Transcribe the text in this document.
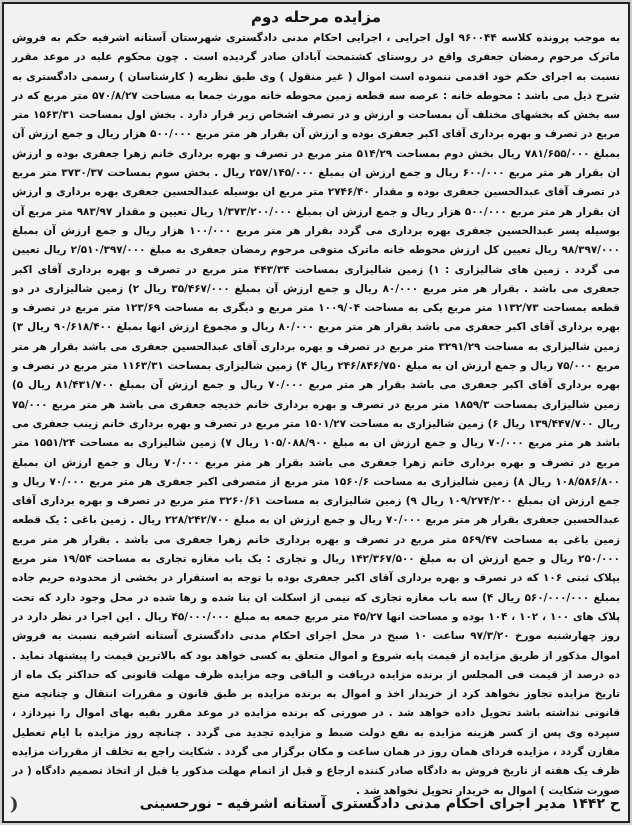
مزایده مرحله دوم
به موجب پرونده کلاسه ۹۶۰۰۴۴ اول اجرایی ، اجرایی احکام مدنی دادگستری شهرستان آستانه اشرفیه حکم به فروش ماترک مرحوم رمضان جعفری واقع در روستای کشتمحت آبادان صادر گردیده است . چون محکوم علیه در موعد مقرر نسبت به اجرای حکم خود اقدمی ننموده است اموال ( غیر منقول ) وی طبق نظریه ( کارشناسان ) رسمی دادگستری به شرح ذیل می باشد : محوطه خانه : عرصه سه قطعه زمین محوطه خانه مورث جمعا به مساحت ۵۷۰/۸/۲۷ متر مربع که در سه بخش که بخشهای مختلف آن بمساحت و ارزش و در تصرف اشخاص زیر قرار دارد . بخش اول بمساحت ۱۵۶۳/۳۱ متر مربع در تصرف و بهره برداری آقای اکبر جعفری بوده و ارزش آن بقرار هر متر مربع ۵۰۰/۰۰۰ هزار ریال و جمع ارزش آن بمبلغ ۷۸۱/۶۵۵/۰۰۰ ریال بخش دوم بمساحت ۵۱۴/۲۹ متر مربع در تصرف و بهره برداری خانم زهرا جعفری بوده و ارزش ان بقرار هر متر مربع ۶۰۰/۰۰۰ ریال و جمع ارزش ان بمبلغ ۲۵۷/۱۴۵/۰۰۰ ریال . بخش سوم بمساحت ۳۷۳۰/۳۷ متر مربع در تصرف آقای عبدالحسین جعفری بوده و مقدار ۲۷۴۶/۴۰ متر مربع ان بوسیله عبدالحسین جعفری بهره برداری و ارزش ان بقرار هر متر مربع ۵۰۰/۰۰۰ هزار ریال و جمع ارزش ان بمبلغ ۱/۳۷۳/۲۰۰/۰۰۰ ریال تعیین و مقدار ۹۸۳/۹۷ متر مربع آن بوسیله پسر عبدالحسین جعفری بهره برداری می گردد بقرار هر متر مربع ۱۰۰/۰۰۰ هزار ریال و جمع ارزش آن بمبلغ ۹۸/۳۹۷/۰۰۰ ریال تعیین کل ارزش محوطه خانه ماترک متوفی مرحوم رمضان جعفری به مبلغ ۲/۵۱۰/۳۹۷/۰۰۰ ریال تعیین می گردد . زمین های شالیزاری : ۱) زمین شالیزاری بمساحت ۴۴۳/۳۴ متر مربع در تصرف و بهره برداری آقای اکبر جعفری می باشد . بقرار هر متر مربع ۸۰/۰۰۰ ریال و جمع ارزش آن بمبلغ ۳۵/۴۶۷/۰۰۰ ریال ۲) زمین شالیزاری در دو قطعه بمساحت ۱۱۳۲/۷۳ متر مربع یکی به مساحت ۱۰۰۹/۰۴ متر مربع و دیگری به مساحت ۱۲۳/۶۹ متر مربع در تصرف و بهره برداری آقای اکبر جعفری می باشد بقرار هر متر مربع ۸۰/۰۰۰ ریال و مجموع ارزش انها بمبلغ ۹۰/۶۱۸/۴۰۰ ریال ۳) زمین شالیزاری به مساحت ۳۲۹۱/۲۹ متر مربع در تصرف و بهره برداری آقای عبدالحسین جعفری می باشد بقرار هر متر مربع ۷۵/۰۰۰ ریال و جمع ارزش ان به مبلغ ۲۴۶/۸۴۶/۷۵۰ ریال ۴) زمین شالیزاری بمساحت ۱۱۶۳/۳۱ متر مربع در تصرف و بهره برداری آقای اکبر جعفری می باشد بقرار هر متر مربع ۷۰/۰۰۰ ریال و جمع ارزش آن بمبلغ ۸۱/۴۳۱/۷۰۰ ریال ۵) زمین شالیزاری بمساحت ۱۸۵۹/۳ متر مربع در تصرف و بهره برداری خانم خدیجه جعفری می باشد هر متر مربع ۷۵/۰۰۰ ریال ۱۳۹/۴۴۷/۷۰۰ ریال ۶) زمین شالیزاری به مساحت ۱۵۰۱/۲۷ متر مربع در تصرف و بهره برداری خانم زینب جعفری می باشد هر متر مربع ۷۰/۰۰۰ ریال و جمع ارزش ان به مبلغ ۱۰۵/۰۸۸/۹۰۰ ریال ۷) زمین شالیزاری به مساحت ۱۵۵۱/۲۴ متر مربع در تصرف و بهره برداری خانم زهرا جعفری می باشد بقرار هر متر مربع ۷۰/۰۰۰ ریال و جمع ارزش ان بمبلغ ۱۰۸/۵۸۶/۸۰۰ ریال ۸) زمین شالیزاری به مساحت ۱۵۶۰/۶ متر مربع از متصرفی اکبر جعفری هر متر مربع ۷۰/۰۰۰ ریال و جمع ارزش ان بمبلغ ۱۰۹/۲۷۴/۲۰۰ ریال ۹) زمین شالیزاری به مساحت ۳۲۶۰/۶۱ متر مربع در تصرف و بهره برداری آقای عبدالحسین جعفری بقرار هر متر مربع ۷۰/۰۰۰ ریال و جمع ارزش ان به مبلغ ۲۲۸/۲۴۲/۷۰۰ ریال . زمین باغی : یک قطعه زمین باغی به مساحت ۵۶۹/۴۷ متر مربع در تصرف و بهره برداری خانم زهرا جعفری می باشد . بقرار هر متر مربع ۲۵۰/۰۰۰ ریال و جمع ارزش ان به مبلغ ۱۴۲/۳۶۷/۵۰۰ ریال و تجاری : یک باب مغازه تجاری به مساحت ۱۹/۵۴ متر مربع بپلاک ثبتی ۱۰۶ که در تصرف و بهره برداری آقای اکبر جعفری بوده با توجه به استقرار در بخشی از محدوده حریم جاده بمبلغ ۵۶۰/۰۰۰/۰۰۰ ریال ۴) سه باب مغازه تجاری که نیمی از اسکلت ان بنا شده و رها شده در محل وجود دارد که تحت پلاک های ۱۰۰ ، ۱۰۲ ، ۱۰۴ بوده و مساحت انها ۴۵/۲۷ متر مربع جمعه به مبلغ ۴۵/۰۰۰/۰۰۰ ریال . این اجرا در نظر دارد در روز چهارشنبه مورخ ۹۷/۳/۲۰ ساعت ۱۰ صبح در محل اجرای احکام مدنی دادگستری آستانه اشرفیه نسبت به فروش اموال مذکور از طریق مزایده از قیمت پایه شروع و اموال متعلق به کسی خواهد بود که بالاترین قیمت را پیشنهاد نماید . ده درصد از قیمت فی المجلس از برنده مزایده دریافت و الباقی وجه مزایده ظرف مهلت قانونی که حداکثر یک ماه از تاریخ مزایده تجاوز نخواهد کرد از خریدار اخذ و اموال به برنده مزایده بر طبق قانون و مقررات انتقال و چنانچه منع قانونی نداشته باشد تحویل داده خواهد شد . در صورتی که برنده مزایده در موعد مقرر بقیه بهای اموال را نپردازد ، سپرده وی پس از کسر هزینه مزایده به نفع دولت ضبط و مزایده تجدید می گردد . چنانچه روز مزایده با ایام تعطیل مقارن گردد ، مزایده فردای همان روز در همان ساعت و مکان برگزار می گردد . شکایت راجع به تخلف از مقررات مزایده ظرف یک هفته از تاریخ فروش به دادگاه صادر کننده ارجاع و قبل از اتمام مهلت مذکور یا قبل از اتخاذ تصمیم دادگاه ( در صورت شکایت ) اموال به خریدار تحویل نخواهد شد .
ح ۱۴۴۲ مدیر اجرای احکام مدنی دادگستری آستانه اشرفیه - نورحسینی
(
